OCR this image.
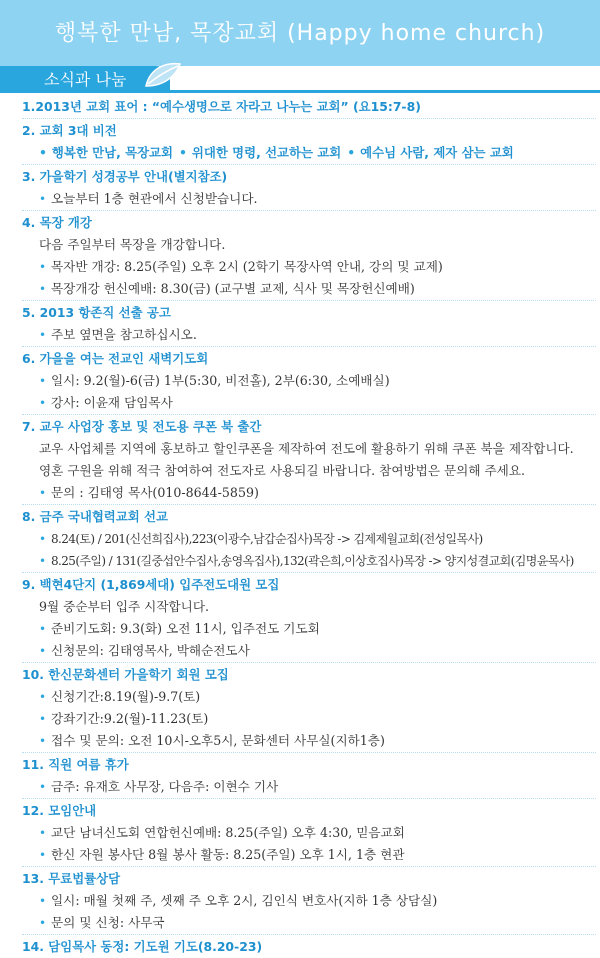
행복한 만남, 목장교회 (Happy home church)
소식과 나눔
1.2013년 교회 표어 : “예수생명으로 자라고 나누는 교회” (요15:7-8)
2. 교회 3대 비전
• 행복한 만남, 목장교회 • 위대한 명령, 선교하는 교회 • 예수님 사람, 제자 삼는 교회
3. 가을학기 성경공부 안내(별지참조)
• 오늘부터 1층 현관에서 신청받습니다.
4. 목장 개강
다음 주일부터 목장을 개강합니다.
• 목자반 개강: 8.25(주일) 오후 2시 (2학기 목장사역 안내, 강의 및 교제)
• 목장개강 헌신예배: 8.30(금) (교구별 교제, 식사 및 목장헌신예배)
5. 2013 항존직 선출 공고
• 주보 옆면을 참고하십시오.
6. 가을을 여는 전교인 새벽기도회
• 일시: 9.2(월)-6(금) 1부(5:30, 비전홀), 2부(6:30, 소예배실)
• 강사: 이윤재 담임목사
7. 교우 사업장 홍보 및 전도용 쿠폰 북 출간
교우 사업체를 지역에 홍보하고 할인쿠폰을 제작하여 전도에 활용하기 위해 쿠폰 북을 제작합니다.
영혼 구원을 위해 적극 참여하여 전도자로 사용되길 바랍니다. 참여방법은 문의해 주세요.
• 문의 : 김태영 목사(010-8644-5859)
8. 금주 국내협력교회 선교
• 8.24(토) / 201(신선희집사),223(이광수,남갑순집사)목장 -> 김제제월교회(전성일목사)
• 8.25(주일) / 131(길중섭안수집사,송영옥집사),132(곽은희,이상호집사)목장 -> 양지성결교회(김명윤목사)
9. 백현4단지 (1,869세대) 입주전도대원 모집
9월 중순부터 입주 시작합니다.
• 준비기도회: 9.3(화) 오전 11시, 입주전도 기도회
• 신청문의: 김태영목사, 박해순전도사
10. 한신문화센터 가을학기 회원 모집
• 신청기간:8.19(월)-9.7(토)
• 강좌기간:9.2(월)-11.23(토)
• 접수 및 문의: 오전 10시-오후5시, 문화센터 사무실(지하1층)
11. 직원 여름 휴가
• 금주: 유재호 사무장, 다음주: 이현수 기사
12. 모임안내
• 교단 남녀신도회 연합헌신예배: 8.25(주일) 오후 4:30, 믿음교회
• 한신 자원 봉사단 8월 봉사 활동: 8.25(주일) 오후 1시, 1층 현관
13. 무료법률상담
• 일시: 매월 첫째 주, 셋째 주 오후 2시, 김인식 변호사(지하 1층 상담실)
• 문의 및 신청: 사무국
14. 담임목사 동정: 기도원 기도(8.20-23)
